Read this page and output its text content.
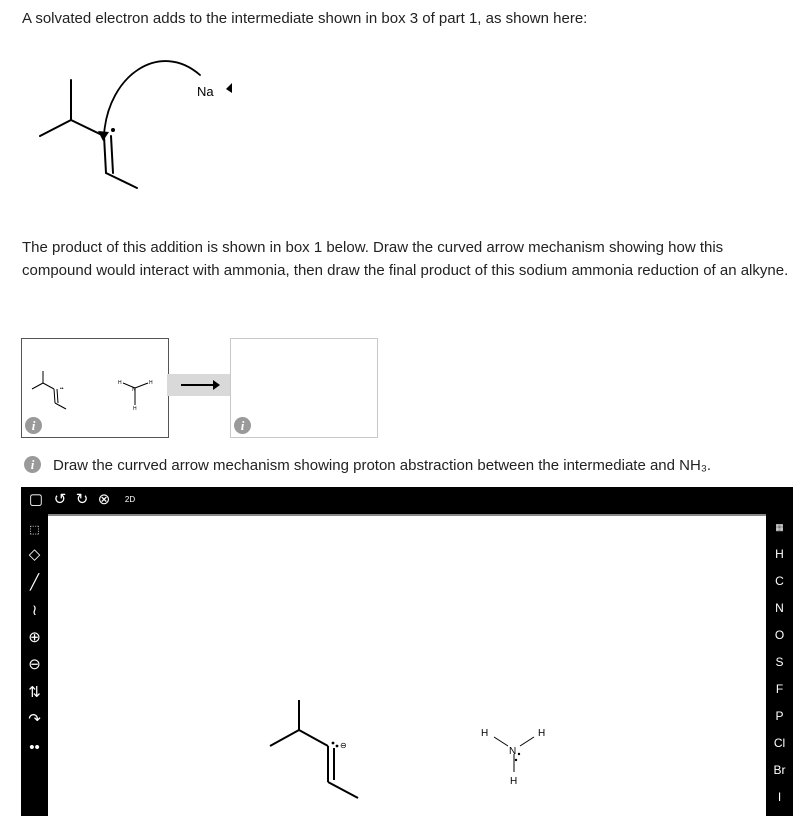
A solvated electron adds to the intermediate shown in box 3 of part 1, as shown here:
Na
The product of this addition is shown in box 1 below. Draw the curved arrow mechanism showing how this compound would interact with ammonia, then draw the final product of this sodium ammonia reduction of an alkyne.
H	H
H
N
••
i	i
i	Draw the currved arrow mechanism showing proton abstraction between the intermediate and NH₃.
▢ ↺ ↻ ⊗	2D
⬚
◇
╱
≀
⊕
⊖
⇅
↷
••
▦
H
C
N
O
S
F
P
Cl
Br
I
H	H
N
H
⊖
